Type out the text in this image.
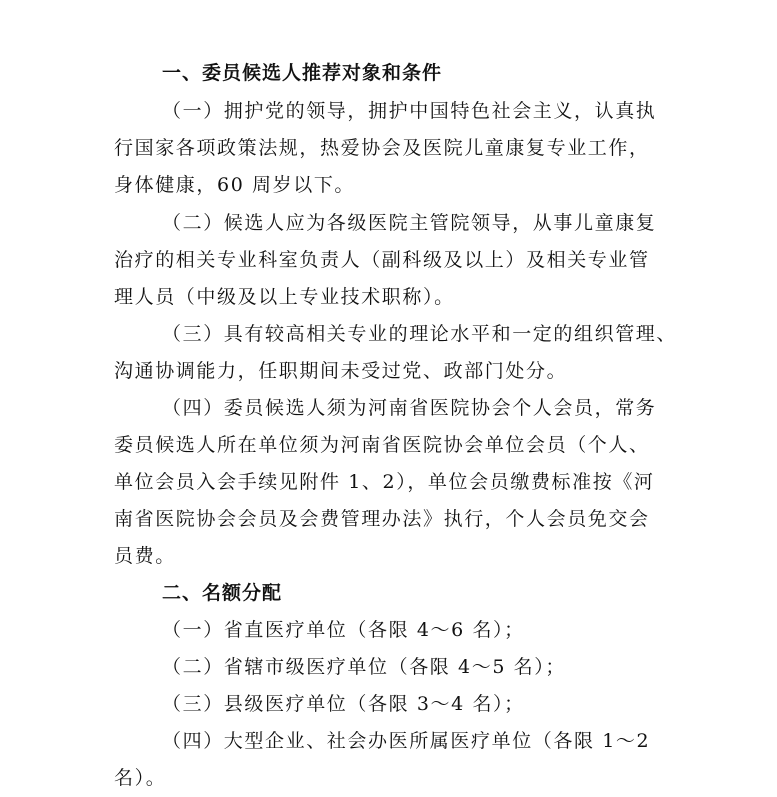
一、委员候选人推荐对象和条件
（一）拥护党的领导，拥护中国特色社会主义，认真执
行国家各项政策法规，热爱协会及医院儿童康复专业工作，
身体健康，60 周岁以下。
（二）候选人应为各级医院主管院领导，从事儿童康复
治疗的相关专业科室负责人（副科级及以上）及相关专业管
理人员（中级及以上专业技术职称）。
（三）具有较高相关专业的理论水平和一定的组织管理、
沟通协调能力，任职期间未受过党、政部门处分。
（四）委员候选人须为河南省医院协会个人会员，常务
委员候选人所在单位须为河南省医院协会单位会员（个人、
单位会员入会手续见附件 1、2），单位会员缴费标准按《河
南省医院协会会员及会费管理办法》执行，个人会员免交会
员费。
二、名额分配
（一）省直医疗单位（各限 4～6 名）；
（二）省辖市级医疗单位（各限 4～5 名）；
（三）县级医疗单位（各限 3～4 名）；
（四）大型企业、社会办医所属医疗单位（各限 1～2
名）。
